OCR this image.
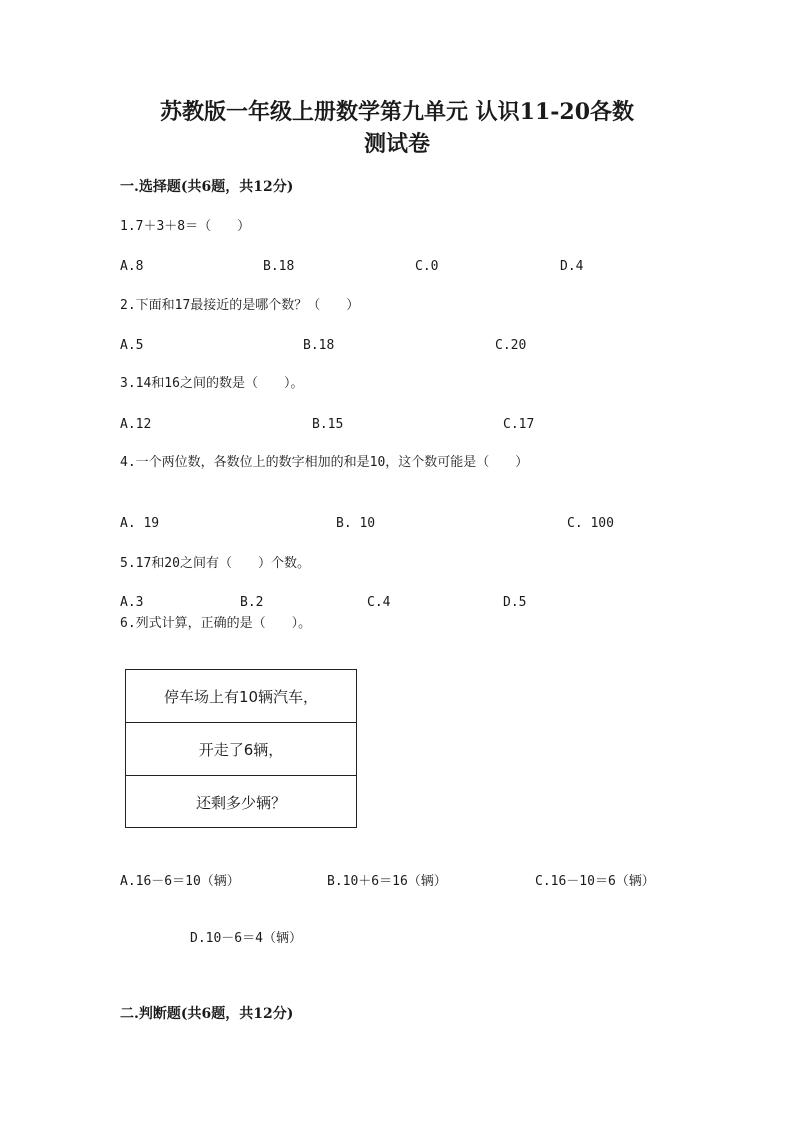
苏教版一年级上册数学第九单元 认识11-20各数
测试卷
一.选择题(共6题，共12分)
1.7＋3＋8＝（　　）
A.8	B.18	C.0	D.4
2.下面和17最接近的是哪个数？（　　）
A.5	B.18	C.20
3.14和16之间的数是（　　）。
A.12	B.15	C.17
4.一个两位数，各数位上的数字相加的和是10，这个数可能是（　　）
A. 19	B. 10	C. 100
5.17和20之间有（　　）个数。
A.3	B.2	C.4	D.5
6.列式计算，正确的是（　　）。
停车场上有10辆汽车，
开走了6辆，
还剩多少辆？
A.16－6＝10（辆）	B.10＋6＝16（辆）	C.16－10＝6（辆）
D.10－6＝4（辆）
二.判断题(共6题，共12分)
